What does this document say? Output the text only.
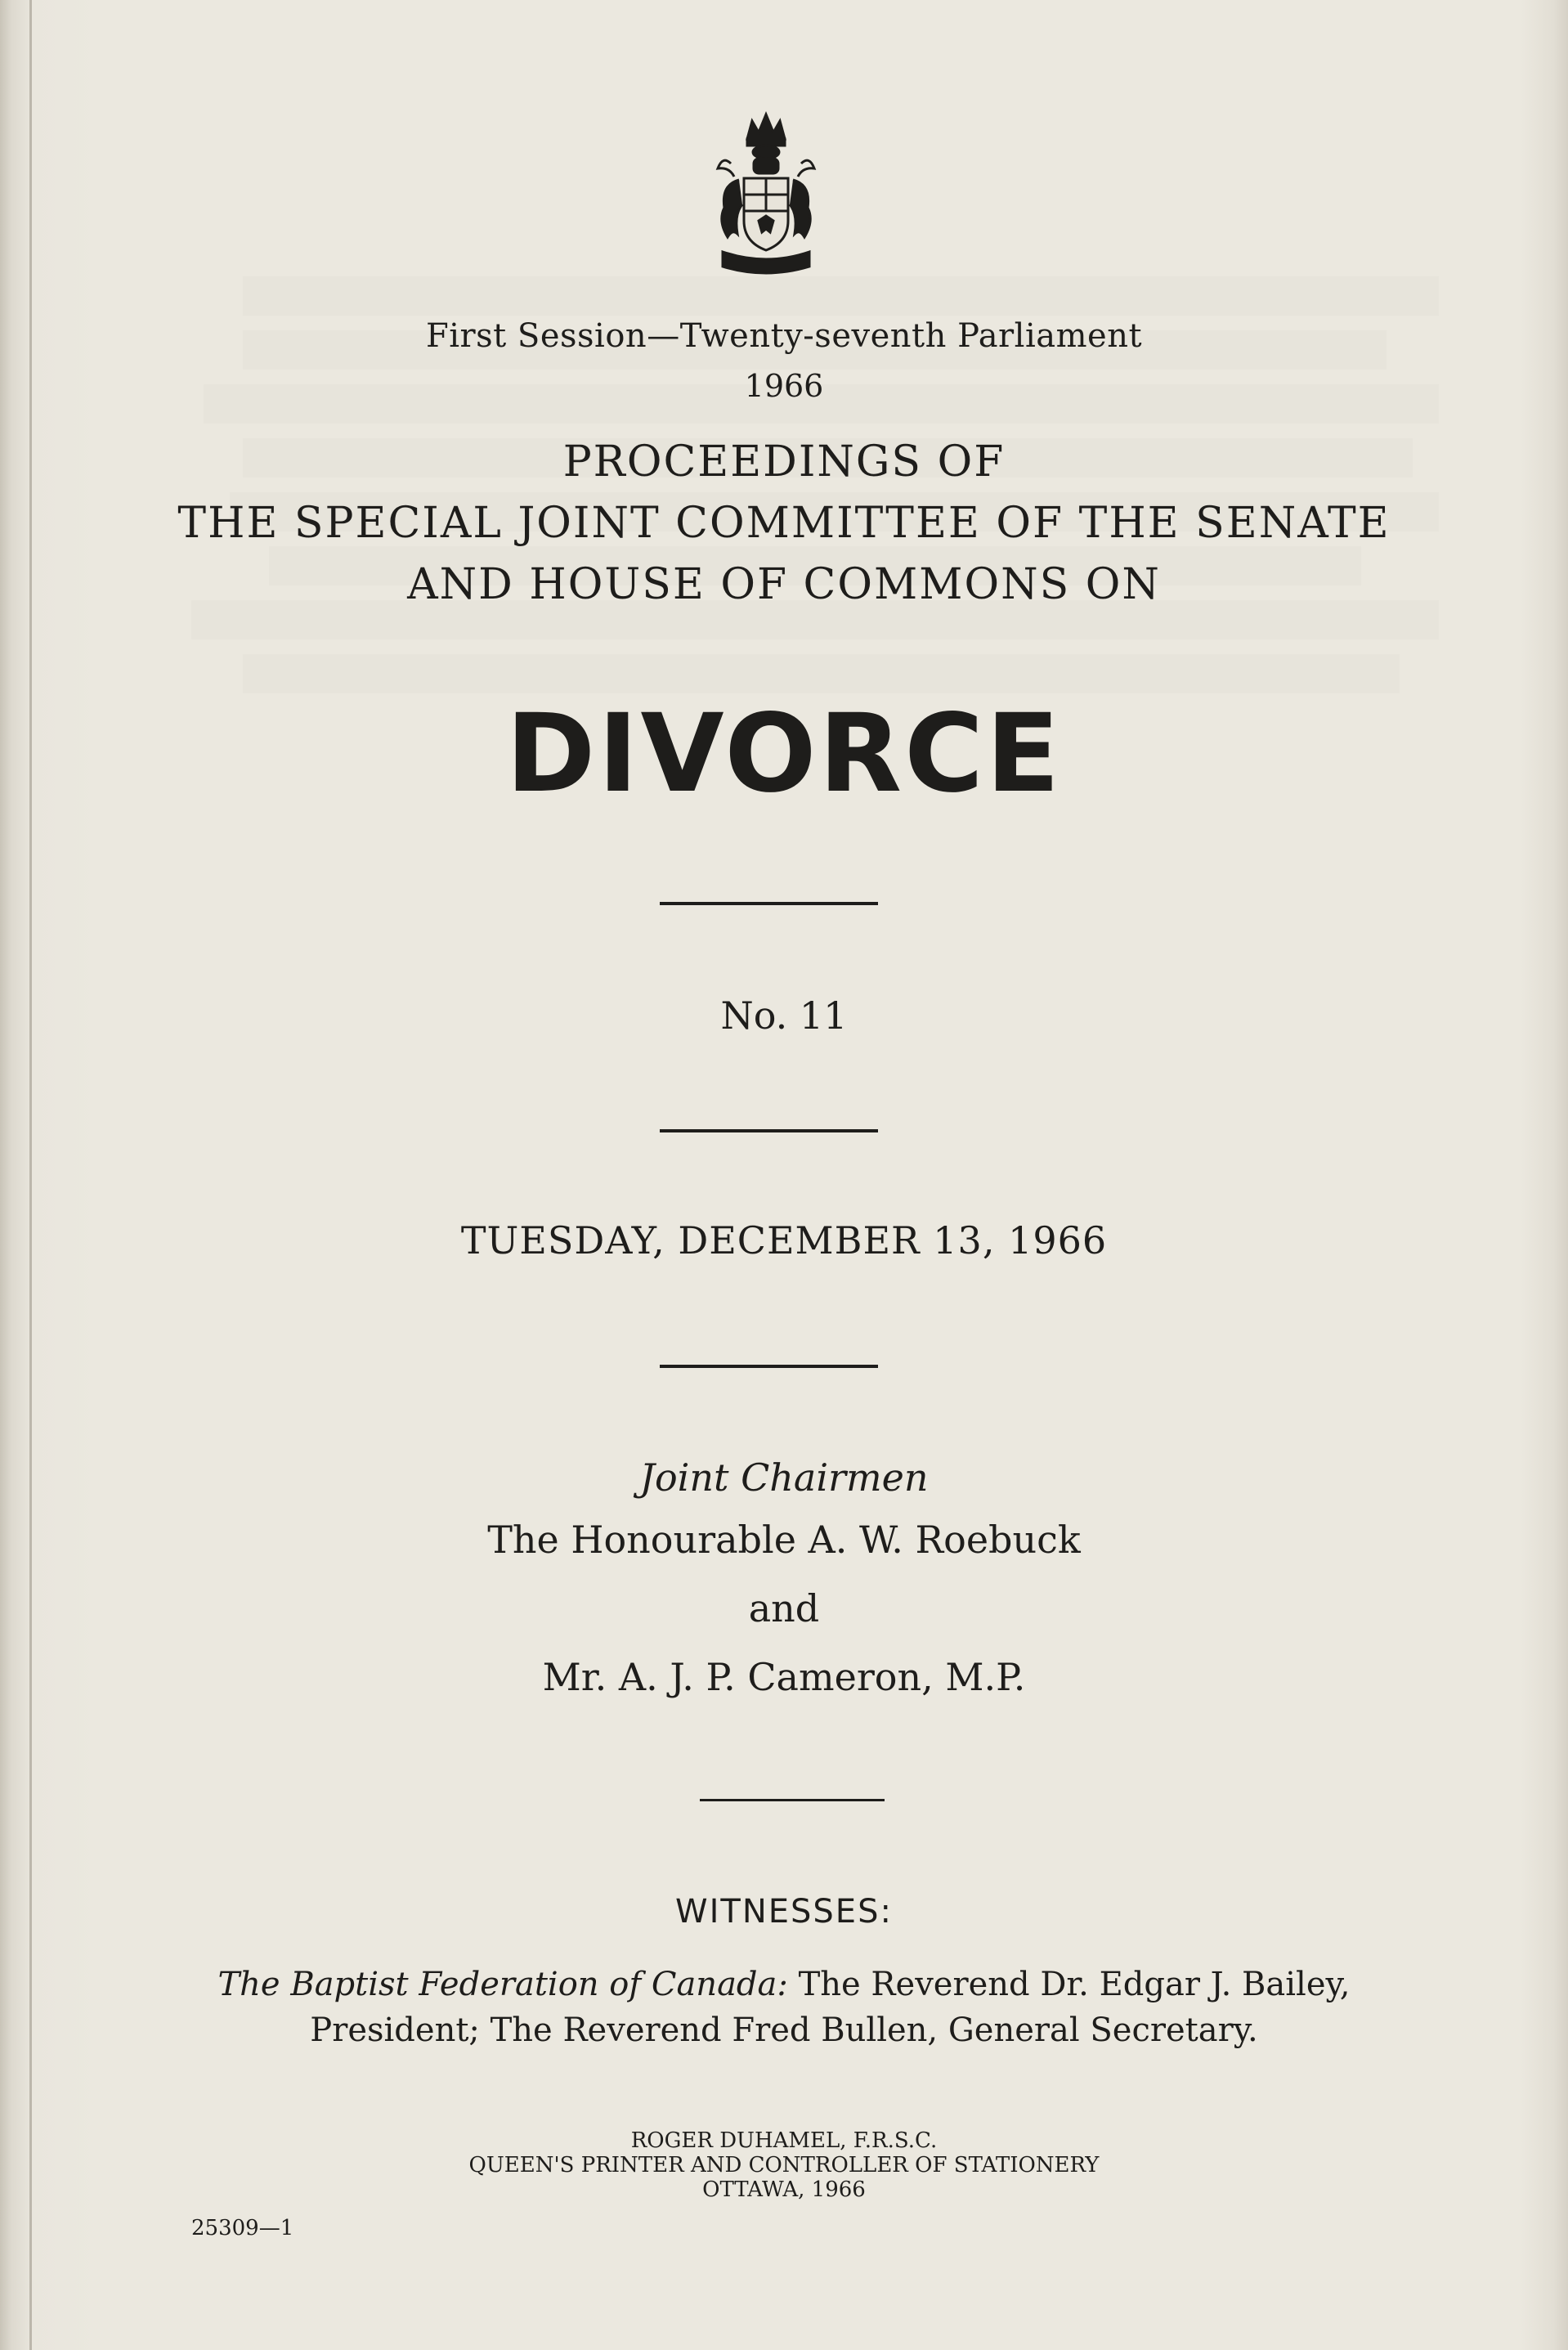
First Session—Twenty-seventh Parliament
1966
PROCEEDINGS OF
THE SPECIAL JOINT COMMITTEE OF THE SENATE
AND HOUSE OF COMMONS ON
DIVORCE
No. 11
TUESDAY, DECEMBER 13, 1966
Joint Chairmen
The Honourable A. W. Roebuck
and
Mr. A. J. P. Cameron, M.P.
WITNESSES:
The Baptist Federation of Canada: The Reverend Dr. Edgar J. Bailey,
President; The Reverend Fred Bullen, General Secretary.
ROGER DUHAMEL, F.R.S.C.
QUEEN'S PRINTER AND CONTROLLER OF STATIONERY
OTTAWA, 1966
25309—1
